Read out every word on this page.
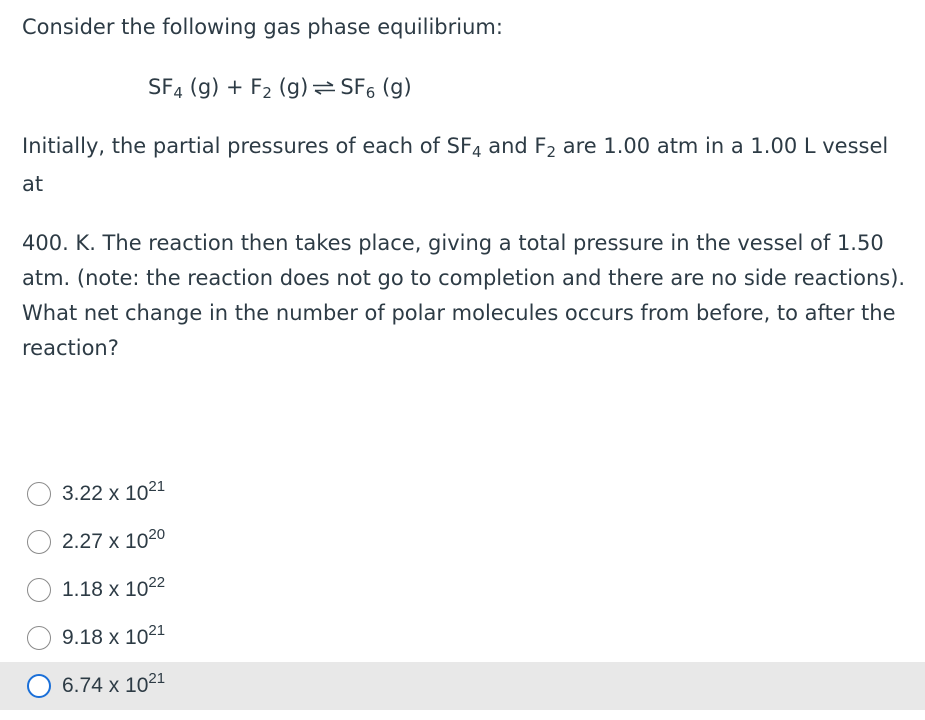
Consider the following gas phase equilibrium:
$SF_4$ $(g) + F_2$ (g) ⇌ $SF_6$ (g)
Initially, the partial pressures of each of $SF_4$ and $F_2$ are 1.00 atm in a 1.00 L vessel
at
400. K. The reaction then takes place, giving a total pressure in the vessel of 1.50
atm. (note: the reaction does not go to completion and there are no side reactions).
What net change in the number of polar molecules occurs from before, to after the
reaction?
3.22 x $10^{21}$
2.27 x $10^{20}$
1.18 x $10^{22}$
9.18 x $10^{21}$
6.74 x $10^{21}$
